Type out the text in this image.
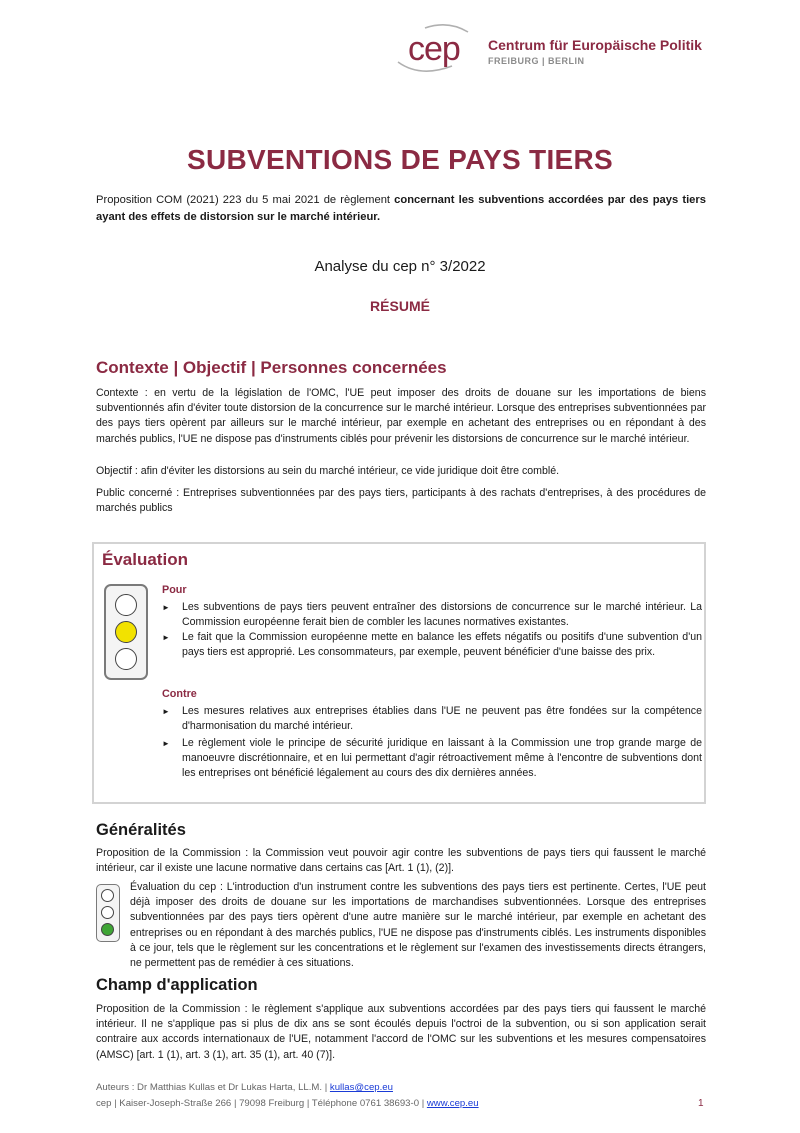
cep Centrum für Europäische Politik
FREIBURG | BERLIN
SUBVENTIONS DE PAYS TIERS
Proposition COM (2021) 223 du 5 mai 2021 de règlement concernant les subventions accordées par des pays tiers ayant des effets de distorsion sur le marché intérieur.
Analyse du cep n° 3/2022
RÉSUMÉ
Contexte | Objectif | Personnes concernées
Contexte : en vertu de la législation de l'OMC, l'UE peut imposer des droits de douane sur les importations de biens subventionnés afin d'éviter toute distorsion de la concurrence sur le marché intérieur. Lorsque des entreprises subventionnées par des pays tiers opèrent par ailleurs sur le marché intérieur, par exemple en achetant des entreprises ou en répondant à des marchés publics, l'UE ne dispose pas d'instruments ciblés pour prévenir les distorsions de concurrence sur le marché intérieur.
Objectif : afin d'éviter les distorsions au sein du marché intérieur, ce vide juridique doit être comblé.
Public concerné : Entreprises subventionnées par des pays tiers, participants à des rachats d'entreprises, à des procédures de marchés publics
Évaluation
Pour
► Les subventions de pays tiers peuvent entraîner des distorsions de concurrence sur le marché intérieur. La Commission européenne ferait bien de combler les lacunes normatives existantes.
► Le fait que la Commission européenne mette en balance les effets négatifs ou positifs d'une subvention d'un pays tiers est approprié. Les consommateurs, par exemple, peuvent bénéficier d'une baisse des prix.
Contre
► Les mesures relatives aux entreprises établies dans l'UE ne peuvent pas être fondées sur la compétence d'harmonisation du marché intérieur.
► Le règlement viole le principe de sécurité juridique en laissant à la Commission une trop grande marge de manoeuvre discrétionnaire, et en lui permettant d'agir rétroactivement même à l'encontre de subventions dont les entreprises ont bénéficié légalement au cours des dix dernières années.
Généralités
Proposition de la Commission : la Commission veut pouvoir agir contre les subventions de pays tiers qui faussent le marché intérieur, car il existe une lacune normative dans certains cas [Art. 1 (1), (2)].
Évaluation du cep : L'introduction d'un instrument contre les subventions des pays tiers est pertinente. Certes, l'UE peut déjà imposer des droits de douane sur les importations de marchandises subventionnées. Lorsque des entreprises subventionnées par des pays tiers opèrent d'une autre manière sur le marché intérieur, par exemple en achetant des entreprises ou en répondant à des marchés publics, l'UE ne dispose pas d'instruments ciblés. Les instruments disponibles à ce jour, tels que le règlement sur les concentrations et le règlement sur l'examen des investissements directs étrangers, ne permettent pas de remédier à ces situations.
Champ d'application
Proposition de la Commission : le règlement s'applique aux subventions accordées par des pays tiers qui faussent le marché intérieur. Il ne s'applique pas si plus de dix ans se sont écoulés depuis l'octroi de la subvention, ou si son application serait contraire aux accords internationaux de l'UE, notamment l'accord de l'OMC sur les subventions et les mesures compensatoires (AMSC) [art. 1 (1), art. 3 (1), art. 35 (1), art. 40 (7)].
Auteurs : Dr Matthias Kullas et Dr Lukas Harta, LL.M. | kullas@cep.eu
cep | Kaiser-Joseph-Straße 266 | 79098 Freiburg | Téléphone 0761 38693-0 | www.cep.eu	1
